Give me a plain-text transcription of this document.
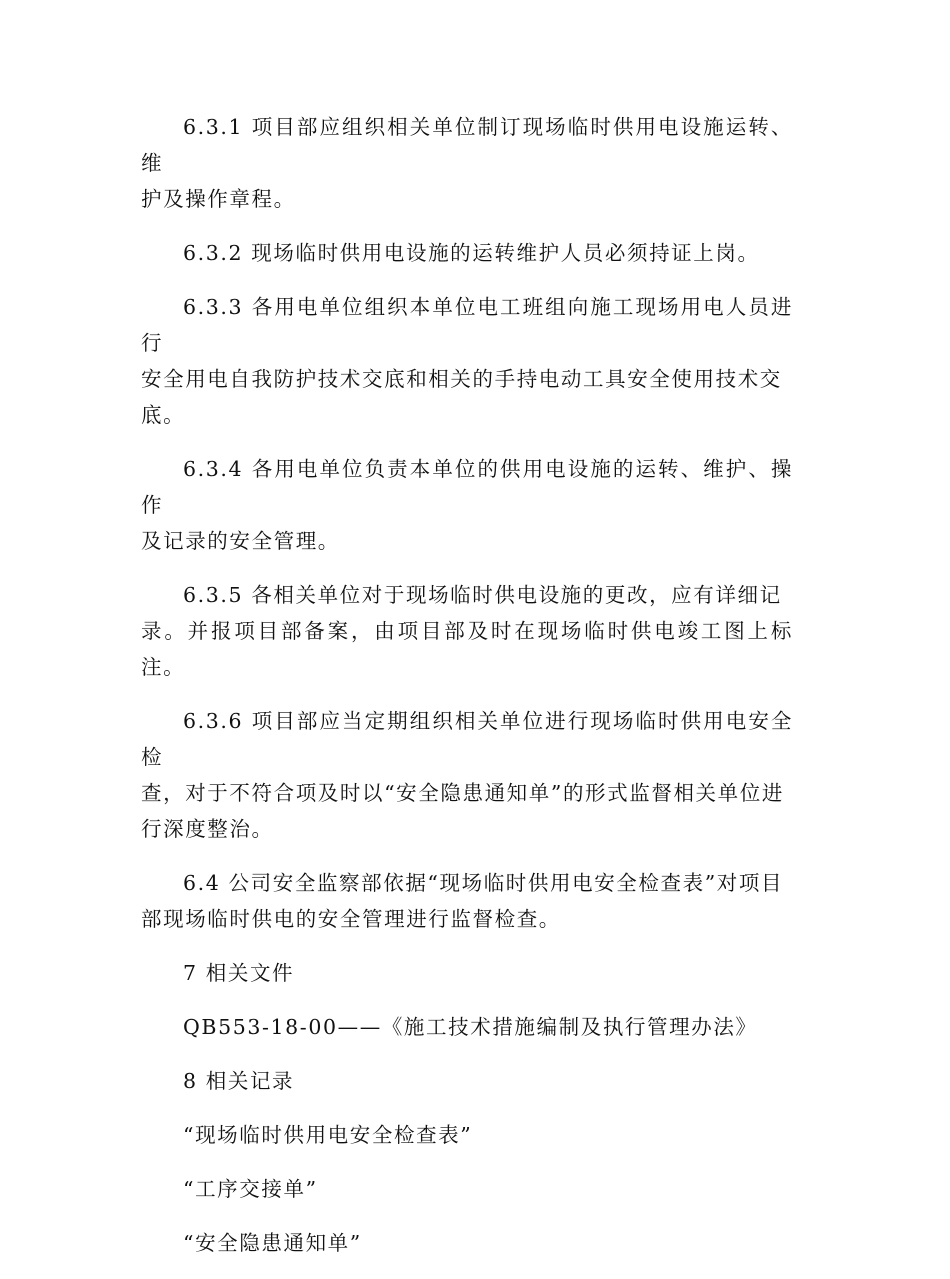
6.3.1 项目部应组织相关单位制订现场临时供用电设施运转、维
护及操作章程。

6.3.2 现场临时供用电设施的运转维护人员必须持证上岗。

6.3.3 各用电单位组织本单位电工班组向施工现场用电人员进行
安全用电自我防护技术交底和相关的手持电动工具安全使用技术交
底。

6.3.4 各用电单位负责本单位的供用电设施的运转、维护、操作
及记录的安全管理。

6.3.5 各相关单位对于现场临时供电设施的更改，应有详细记
录。并报项目部备案，由项目部及时在现场临时供电竣工图上标注。

6.3.6 项目部应当定期组织相关单位进行现场临时供用电安全检
查，对于不符合项及时以“安全隐患通知单”的形式监督相关单位进
行深度整治。

6.4 公司安全监察部依据“现场临时供用电安全检查表”对项目
部现场临时供电的安全管理进行监督检查。

7 相关文件

QB553-18-00——《施工技术措施编制及执行管理办法》

8 相关记录

“现场临时供用电安全检查表”

“工序交接单”

“安全隐患通知单”
